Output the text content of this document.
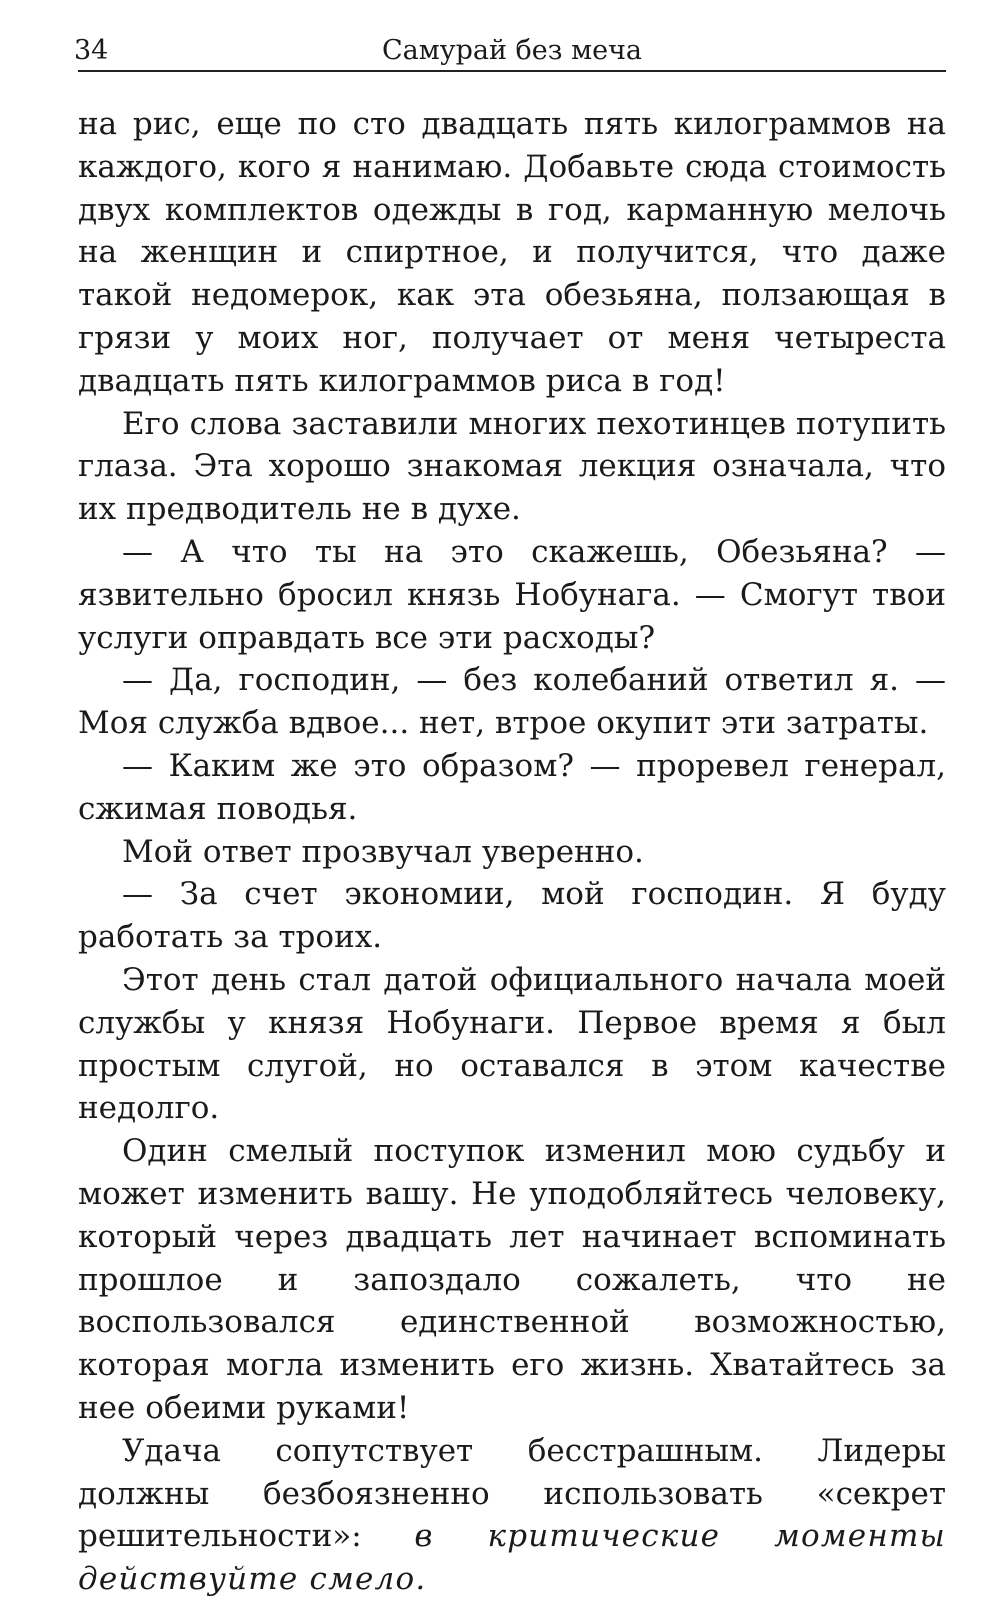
34	Самурай без меча

на рис, еще по сто двадцать пять килограммов на каждого, кого я нанимаю. Добавьте сюда стоимость двух комплектов одежды в год, карманную мелочь на женщин и спиртное, и получится, что даже такой недомерок, как эта обезьяна, ползающая в грязи у моих ног, получает от меня четыреста двадцать пять килограммов риса в год!

Его слова заставили многих пехотинцев потупить глаза. Эта хорошо знакомая лекция означала, что их предводитель не в духе.

— А что ты на это скажешь, Обезьяна? — язвительно бросил князь Нобунага. — Смогут твои услуги оправдать все эти расходы?

— Да, господин, — без колебаний ответил я. — Моя служба вдвое... нет, втрое окупит эти затраты.

— Каким же это образом? — проревел генерал, сжимая поводья.

Мой ответ прозвучал уверенно.

— За счет экономии, мой господин. Я буду работать за троих.

Этот день стал датой официального начала моей службы у князя Нобунаги. Первое время я был простым слугой, но оставался в этом качестве недолго.

Один смелый поступок изменил мою судьбу и может изменить вашу. Не уподобляйтесь человеку, который через двадцать лет начинает вспоминать прошлое и запоздало сожалеть, что не воспользовался единственной возможностью, которая могла изменить его жизнь. Хватайтесь за нее обеими руками!

Удача сопутствует бесстрашным. Лидеры должны безбоязненно использовать «секрет решительности»: в критические моменты действуйте смело.
